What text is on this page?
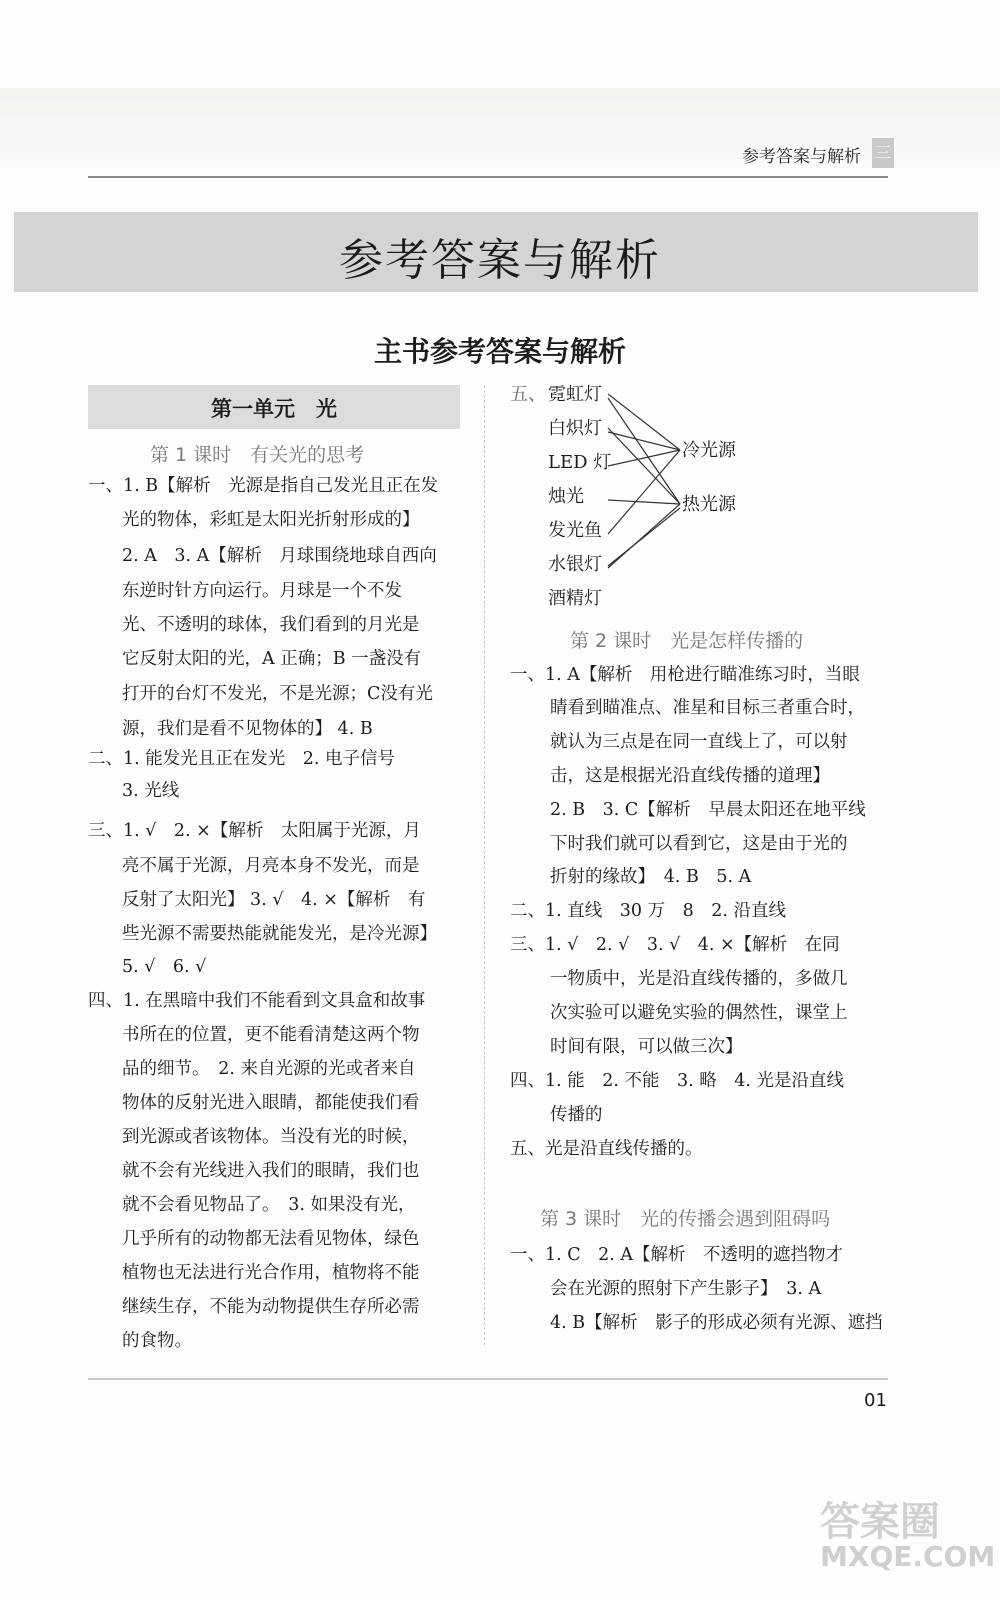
参考答案与解析 三
参考答案与解析
主书参考答案与解析
第一单元　光
第 1 课时　有关光的思考
一、1. B【解析　光源是指自己发光且正在发
光的物体，彩虹是太阳光折射形成的】
2. A　3. A【解析　月球围绕地球自西向
东逆时针方向运行。月球是一个不发
光、不透明的球体，我们看到的月光是
它反射太阳的光，A 正确；B 一盏没有
打开的台灯不发光，不是光源；C没有光
源，我们是看不见物体的】 4. B
二、1. 能发光且正在发光　2. 电子信号
3. 光线
三、1. √　2. ×【解析　太阳属于光源，月
亮不属于光源，月亮本身不发光，而是
反射了太阳光】 3. √　4. ×【解析　有
些光源不需要热能就能发光，是冷光源】
5. √　6. √
四、1. 在黑暗中我们不能看到文具盒和故事
书所在的位置，更不能看清楚这两个物
品的细节。　2. 来自光源的光或者来自
物体的反射光进入眼睛，都能使我们看
到光源或者该物体。当没有光的时候，
就不会有光线进入我们的眼睛，我们也
就不会看见物品了。　3. 如果没有光，
几乎所有的动物都无法看见物体，绿色
植物也无法进行光合作用，植物将不能
继续生存，不能为动物提供生存所必需
的食物。
五、 霓虹灯
白炽灯
LED 灯
烛光
发光鱼
水银灯
酒精灯
冷光源
热光源
第 2 课时　光是怎样传播的
一、1. A【解析　用枪进行瞄准练习时，当眼
睛看到瞄准点、准星和目标三者重合时，
就认为三点是在同一直线上了，可以射
击，这是根据光沿直线传播的道理】
2. B　3. C【解析　早晨太阳还在地平线
下时我们就可以看到它，这是由于光的
折射的缘故】　4. B　5. A
二、1. 直线　30 万　8　2. 沿直线
三、1. √　2. √　3. √　4. ×【解析　在同
一物质中，光是沿直线传播的，多做几
次实验可以避免实验的偶然性，课堂上
时间有限，可以做三次】
四、1. 能　2. 不能　3. 略　4. 光是沿直线
传播的
五、光是沿直线传播的。
第 3 课时　光的传播会遇到阻碍吗
一、1. C　2. A【解析　不透明的遮挡物才
会在光源的照射下产生影子】　3. A
4. B【解析　影子的形成必须有光源、遮挡
01
答案圈
MXQE.COM
